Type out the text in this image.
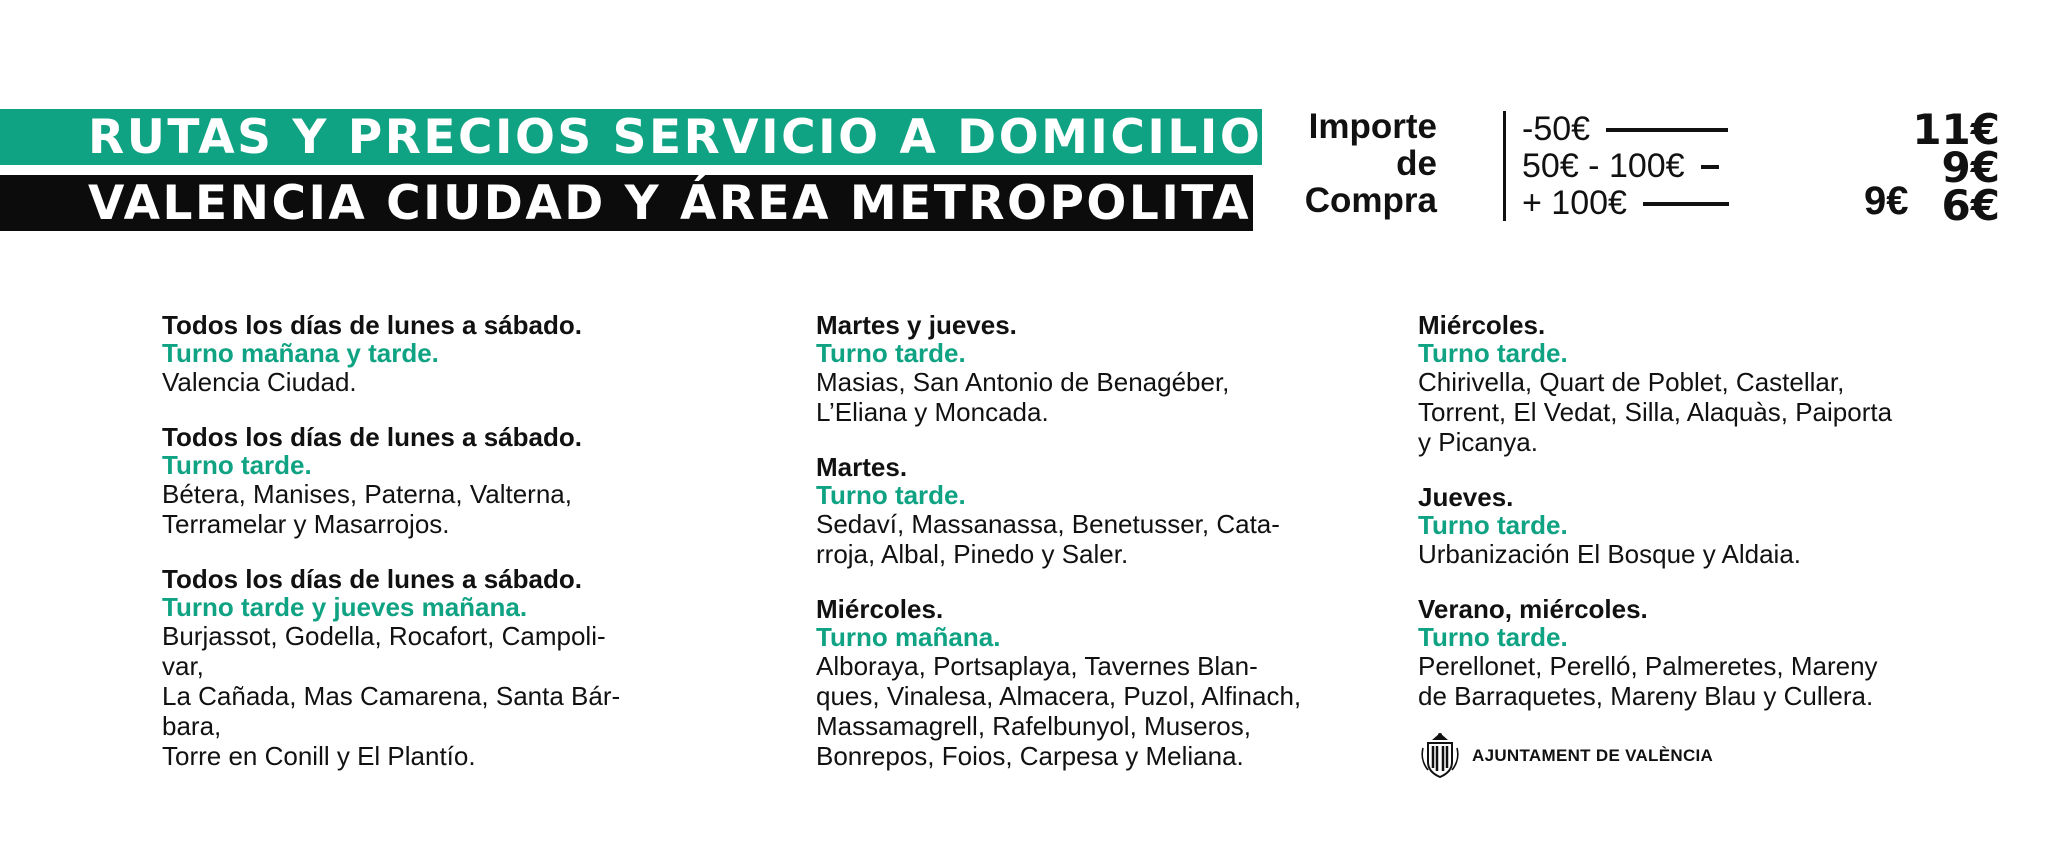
RUTAS Y PRECIOS SERVICIO A DOMICILIO
VALENCIA CIUDAD Y ÁREA METROPOLITANA
Importe
de
Compra
-50€
50€ - 100€
+ 100€
11€
9€
6€
9€
Todos los días de lunes a sábado.
Turno mañana y tarde.
Valencia Ciudad.
Todos los días de lunes a sábado.
Turno tarde.
Bétera, Manises, Paterna, Valterna,
Terramelar y Masarrojos.
Todos los días de lunes a sábado.
Turno tarde y jueves mañana.
Burjassot, Godella, Rocafort, Campoli-
var,
La Cañada, Mas Camarena, Santa Bár-
bara,
Torre en Conill y El Plantío.
Martes y jueves.
Turno tarde.
Masias, San Antonio de Benagéber,
L’Eliana y Moncada.
Martes.
Turno tarde.
Sedaví, Massanassa, Benetusser, Cata-
rroja, Albal, Pinedo y Saler.
Miércoles.
Turno mañana.
Alboraya, Portsaplaya, Tavernes Blan-
ques, Vinalesa, Almacera, Puzol, Alfinach,
Massamagrell, Rafelbunyol, Museros,
Bonrepos, Foios, Carpesa y Meliana.
Miércoles.
Turno tarde.
Chirivella, Quart de Poblet, Castellar,
Torrent, El Vedat, Silla, Alaquàs, Paiporta
y Picanya.
Jueves.
Turno tarde.
Urbanización El Bosque y Aldaia.
Verano, miércoles.
Turno tarde.
Perellonet, Perelló, Palmeretes, Mareny
de Barraquetes, Mareny Blau y Cullera.
AJUNTAMENT DE VALÈNCIA
